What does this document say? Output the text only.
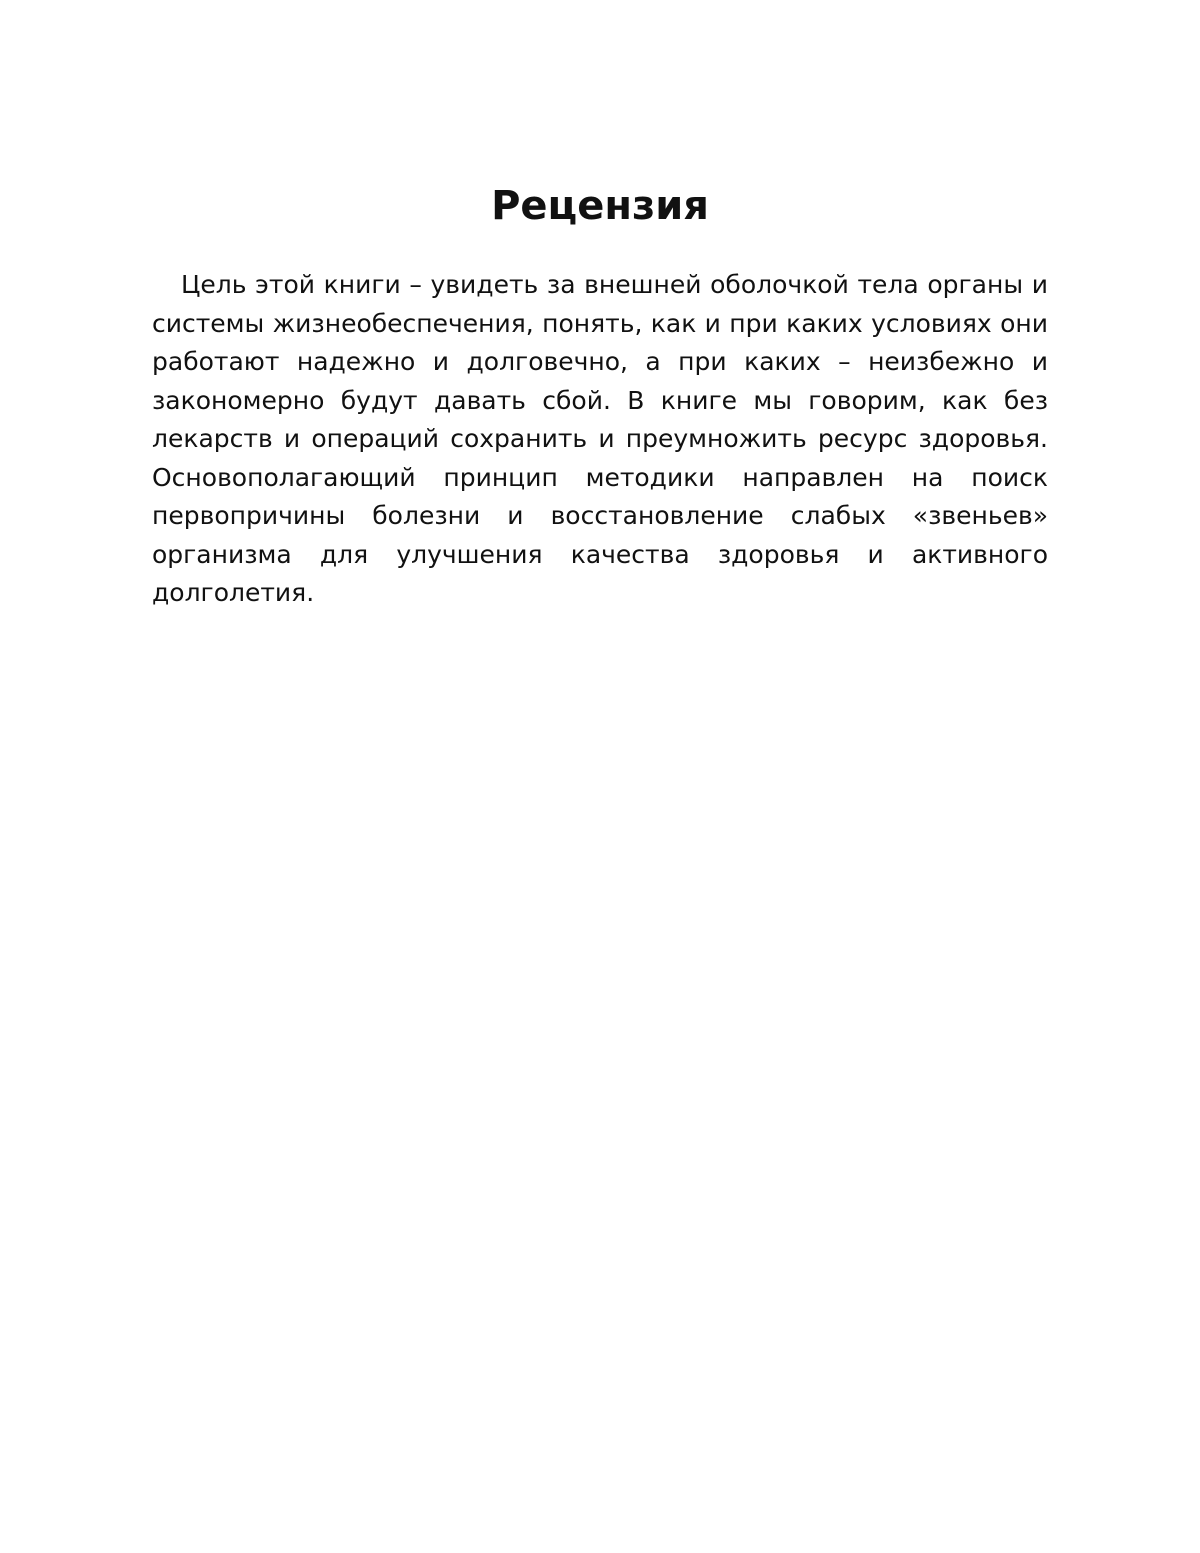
Рецензия

Цель этой книги – увидеть за внешней оболочкой тела органы и системы жизнеобеспечения, понять, как и при каких условиях они работают надежно и долговечно, а при каких – неизбежно и закономерно будут давать сбой. В книге мы говорим, как без лекарств и операций сохранить и преумножить ресурс здоровья. Основополагающий принцип методики направлен на поиск первопричины болезни и восстановление слабых «звеньев» организма для улучшения качества здоровья и активного долголетия.
